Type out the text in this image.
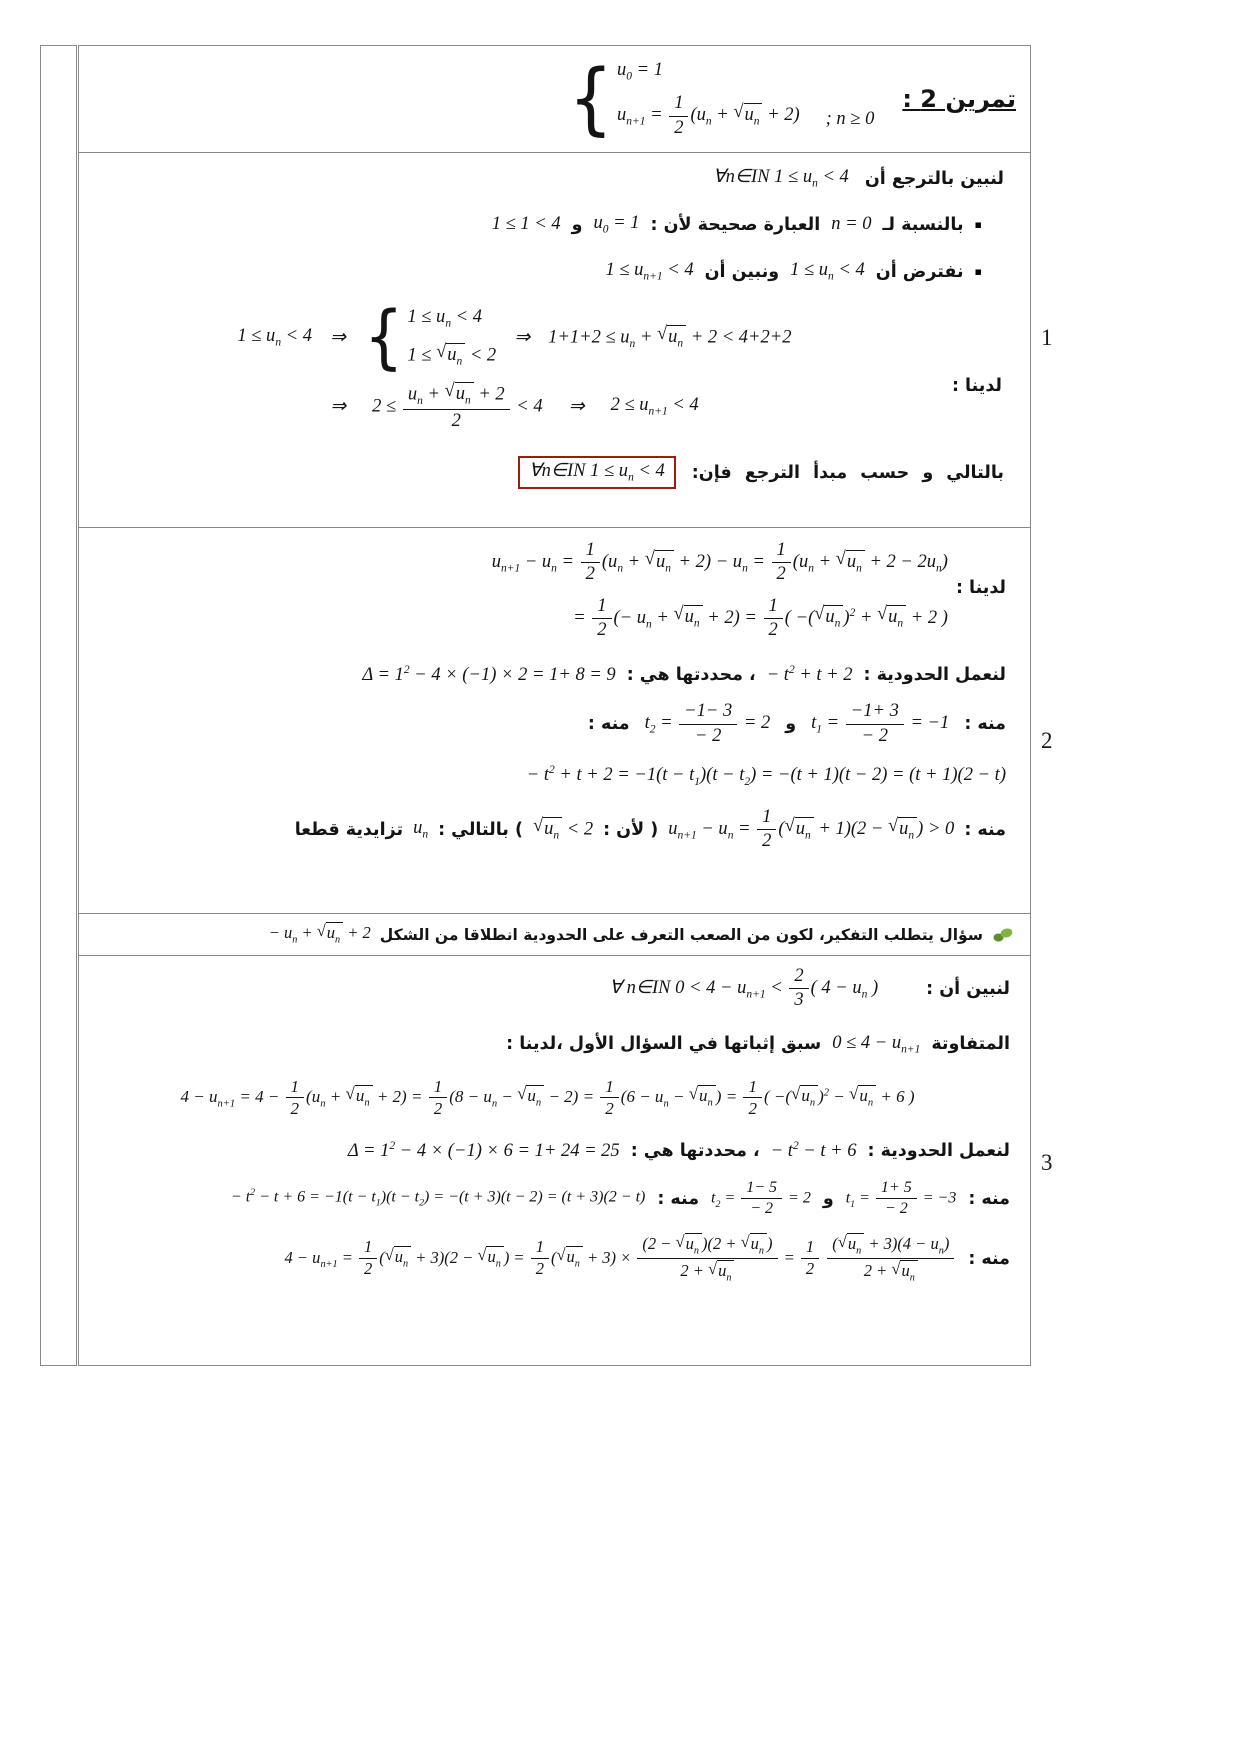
1
2
3
تمرين 2 :
{ $u_0 = 1$
$u_{n+1} = \frac{1}{2} (u_n$ + √ $u_n + 2$) ; n ≥ 0
لنبين بالترجع أن
∀n∈IN $1 \le u_n < 4$
▪
بالنسبة لـ
n = 0
العبارة صحيحة لأن :
$u_0 = 1$
و
1 ≤ 1 < 4
▪
نفترض أن
$1 \le u_n < 4$
ونبين أن
$1 \le u_{n+1} < 4$
لدينا :
$1 \le u_n < 4$ ⇒ { $1 \le u_n < 4$
1 ≤ √ $u_n < 2$
⇒ $1+1+2 \le u_n$ + √ $u_n + 2 < 4+2+2$
⇒ $2 \le \frac{u_n + √ u_n + 2}{2} < 4$ ⇒ $2 \le u_{n+1} < 4$
بالتالي و حسب مبدأ الترجع فإن:
∀n∈IN $1 \le u_n < 4$
لدينا :
$u_{n+1} - u_n = \frac{1}{2} (u_n$ + √ $u_n + 2) - u_n = \frac{1}{2} (u_n$ + √ $u_n + 2 - 2u_n$)
= $\frac{1}{2}$ (− $u_n$ + √ $u_n + 2) = \frac{1}{2}$ ( −( √ $u_n$ )$^2$ + √ $u_n + 2$ )
لنعمل الحدودية :
− $t^2 + t + 2$
، محددتها هي :
$\Delta = 1^2 - 4 \times (-1) \times 2 = 1+ 8 = 9$
منه :
$t_1 = \frac{-1+ 3}{- 2} = -1$
و
$t_2 = \frac{-1- 3}{- 2} = 2$
منه :
− $t^2 + t + 2 = -1(t - t_1)(t - t_2) = -(t + 1)(t - 2) = (t + 1)(2 - t)$
منه :
$u_{n+1} - u_n = \frac{1}{2}$ ( √ $u_n + 1)(2$ − √ $u_n$ ) > 0
( لأن :
√ $u_n < 2$
) بالتالي :
$u_n$
تزايدية قطعا
سؤال يتطلب التفكير، لكون من الصعب التعرف على الحدودية انطلاقا من الشكل
− $u_n$ + √ $u_n + 2$
لنبين أن :
∀ n∈IN $0 < 4 - u_{n+1} < \frac{2}{3}$ ( $4 - u_n$ )
المتفاوتة
$0 \le 4 - u_{n+1}$
سبق إثباتها في السؤال الأول ،لدينا :
$4 - u_{n+1} = 4 - \frac{1}{2} (u_n$ + √ $u_n + 2) = \frac{1}{2} (8 - u_n$ − √ $u_n - 2) = \frac{1}{2} (6 - u_n$ − √ $u_n$ ) = $\frac{1}{2}$ ( −( √ $u_n$ )$^2$ − √ $u_n + 6$ )
لنعمل الحدودية :
− $t^2 - t + 6$
، محددتها هي :
$\Delta = 1^2 - 4 \times (-1) \times 6 = 1+ 24 = 25$
منه :
$t_1 = \frac{1+ 5}{- 2} = -3$
و
$t_2 = \frac{1- 5}{- 2} = 2$
منه :
− $t^2 - t + 6 = -1(t - t_1)(t - t_2) = -(t + 3)(t - 2) = (t + 3)(2 - t)$
منه :
$4 - u_{n+1} = \frac{1}{2}$ ( √ $u_n + 3)(2$ − √ $u_n$ ) = $\frac{1}{2}$ ( √ $u_n + 3) \times \frac{(2 - √ u_n )(2 + √ u_n )}{2 + √ u_n} = \frac{1}{2}$
$\frac{( √ u_n + 3)(4 - u_n)}{2 + √ u_n}$
